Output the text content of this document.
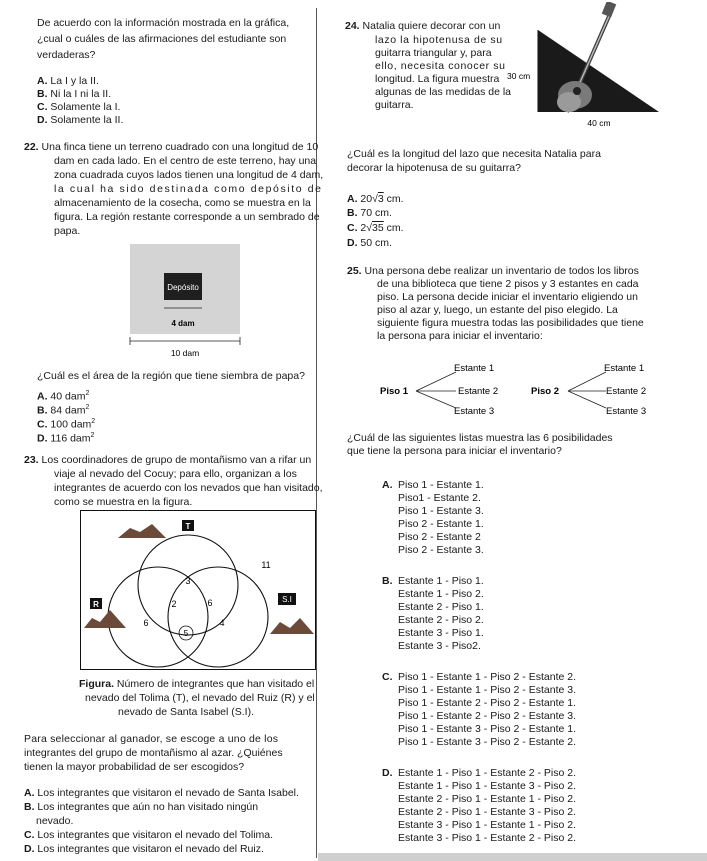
De acuerdo con la información mostrada en la gráfica,
¿cual o cuáles de las afirmaciones del estudiante son
verdaderas?
A. La I y la II.
B. Ni la I ni la II.
C. Solamente la I.
D. Solamente la II.
22. Una finca tiene un terreno cuadrado con una longitud de 10
dam en cada lado. En el centro de este terreno, hay una
zona cuadrada cuyos lados tienen una longitud de 4 dam,
la cual ha sido destinada como depósito de
almacenamiento de la cosecha, como se muestra en la
figura. La región restante corresponde a un sembrado de
papa.
Depósito
4 dam
10 dam
¿Cuál es el área de la región que tiene siembra de papa?
A. 40 dam$^2$
B. 84 dam$^2$
C. 100 dam$^2$
D. 116 dam$^2$
23. Los coordinadores de grupo de montañismo van a rifar un
viaje al nevado del Cocuy; para ello, organizan a los
integrantes de acuerdo con los nevados que han visitado,
como se muestra en la figura.
T
R
S.I
11
3
2	6
6	4
5
Figura. Número de integrantes que han visitado el
nevado del Tolima (T), el nevado del Ruiz (R) y el
nevado de Santa Isabel (S.I).
Para seleccionar al ganador, se escoge a uno de los
integrantes del grupo de montañismo al azar. ¿Quiénes
tienen la mayor probabilidad de ser escogidos?
A. Los integrantes que visitaron el nevado de Santa Isabel.
B. Los integrantes que aún no han visitado ningún
nevado.
C. Los integrantes que visitaron el nevado del Tolima.
D. Los integrantes que visitaron el nevado del Ruiz.
24. Natalia quiere decorar con un
lazo la hipotenusa de su
guitarra triangular y, para
ello, necesita conocer su
longitud. La figura muestra
algunas de las medidas de la
guitarra.
30 cm
40 cm
¿Cuál es la longitud del lazo que necesita Natalia para
decorar la hipotenusa de su guitarra?
A. 20√3 cm.
B. 70 cm.
C. 2√35 cm.
D. 50 cm.
25. Una persona debe realizar un inventario de todos los libros
de una biblioteca que tiene 2 pisos y 3 estantes en cada
piso. La persona decide iniciar el inventario eligiendo un
piso al azar y, luego, un estante del piso elegido. La
siguiente figura muestra todas las posibilidades que tiene
la persona para iniciar el inventario:
Piso 1
Estante 1
Estante 2
Estante 3
Piso 2
Estante 1
Estante 2
Estante 3
¿Cuál de las siguientes listas muestra las 6 posibilidades
que tiene la persona para iniciar el inventario?
A. Piso 1 - Estante 1.
Piso1 - Estante 2.
Piso 1 - Estante 3.
Piso 2 - Estante 1.
Piso 2 - Estante 2
Piso 2 - Estante 3.
B. Estante 1 - Piso 1.
Estante 1 - Piso 2.
Estante 2 - Piso 1.
Estante 2 - Piso 2.
Estante 3 - Piso 1.
Estante 3 - Piso2.
C. Piso 1 - Estante 1 - Piso 2 - Estante 2.
Piso 1 - Estante 1 - Piso 2 - Estante 3.
Piso 1 - Estante 2 - Piso 2 - Estante 1.
Piso 1 - Estante 2 - Piso 2 - Estante 3.
Piso 1 - Estante 3 - Piso 2 - Estante 1.
Piso 1 - Estante 3 - Piso 2 - Estante 2.
D. Estante 1 - Piso 1 - Estante 2 - Piso 2.
Estante 1 - Piso 1 - Estante 3 - Piso 2.
Estante 2 - Piso 1 - Estante 1 - Piso 2.
Estante 2 - Piso 1 - Estante 3 - Piso 2.
Estante 3 - Piso 1 - Estante 1 - Piso 2.
Estante 3 - Piso 1 - Estante 2 - Piso 2.
